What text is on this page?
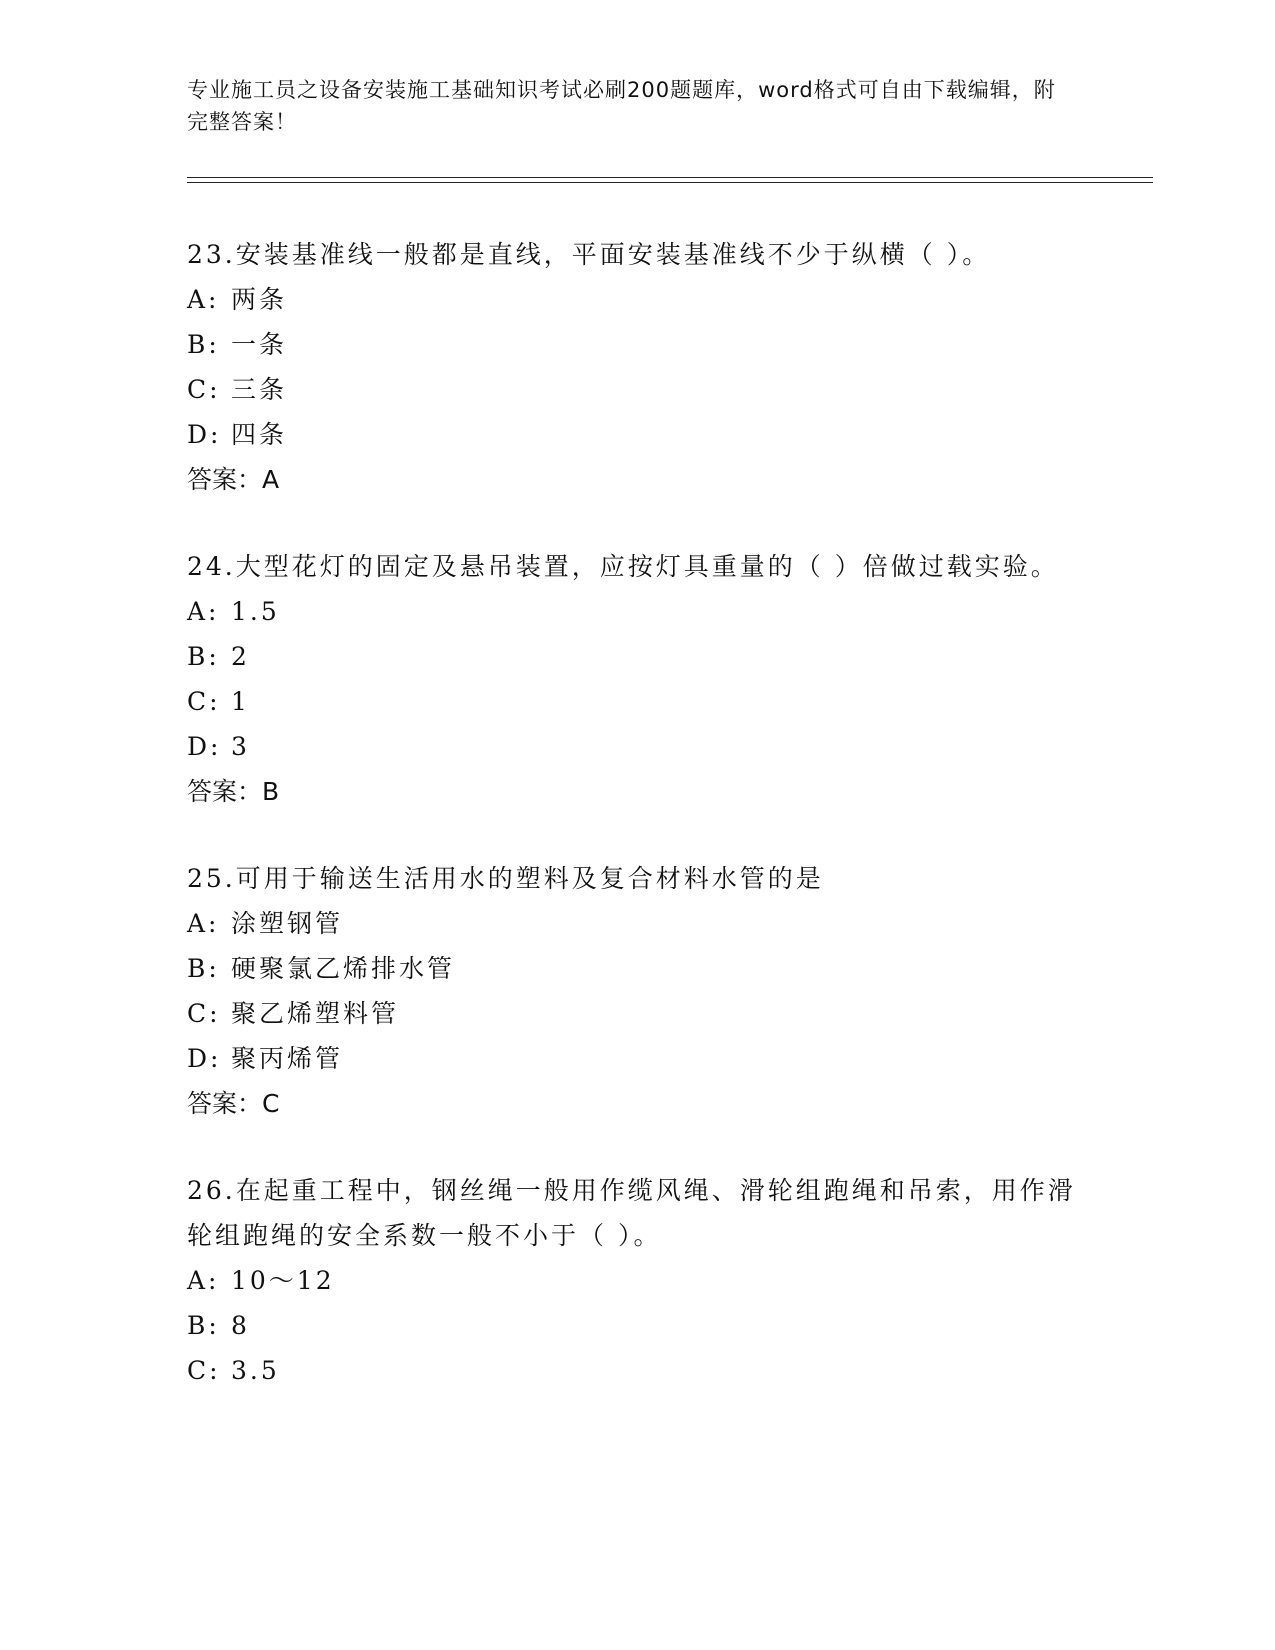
专业施工员之设备安装施工基础知识考试必刷200题题库，word格式可自由下载编辑，附完整答案！
23.安装基准线一般都是直线，平面安装基准线不少于纵横（ ）。
A: 两条
B: 一条
C: 三条
D: 四条
答案：A
24.大型花灯的固定及悬吊装置，应按灯具重量的（ ）倍做过载实验。
A: 1.5
B: 2
C: 1
D: 3
答案：B
25.可用于输送生活用水的塑料及复合材料水管的是
A: 涂塑钢管
B: 硬聚氯乙烯排水管
C: 聚乙烯塑料管
D: 聚丙烯管
答案：C
26.在起重工程中，钢丝绳一般用作缆风绳、滑轮组跑绳和吊索，用作滑轮组跑绳的安全系数一般不小于（ ）。
A: 10～12
B: 8
C: 3.5
